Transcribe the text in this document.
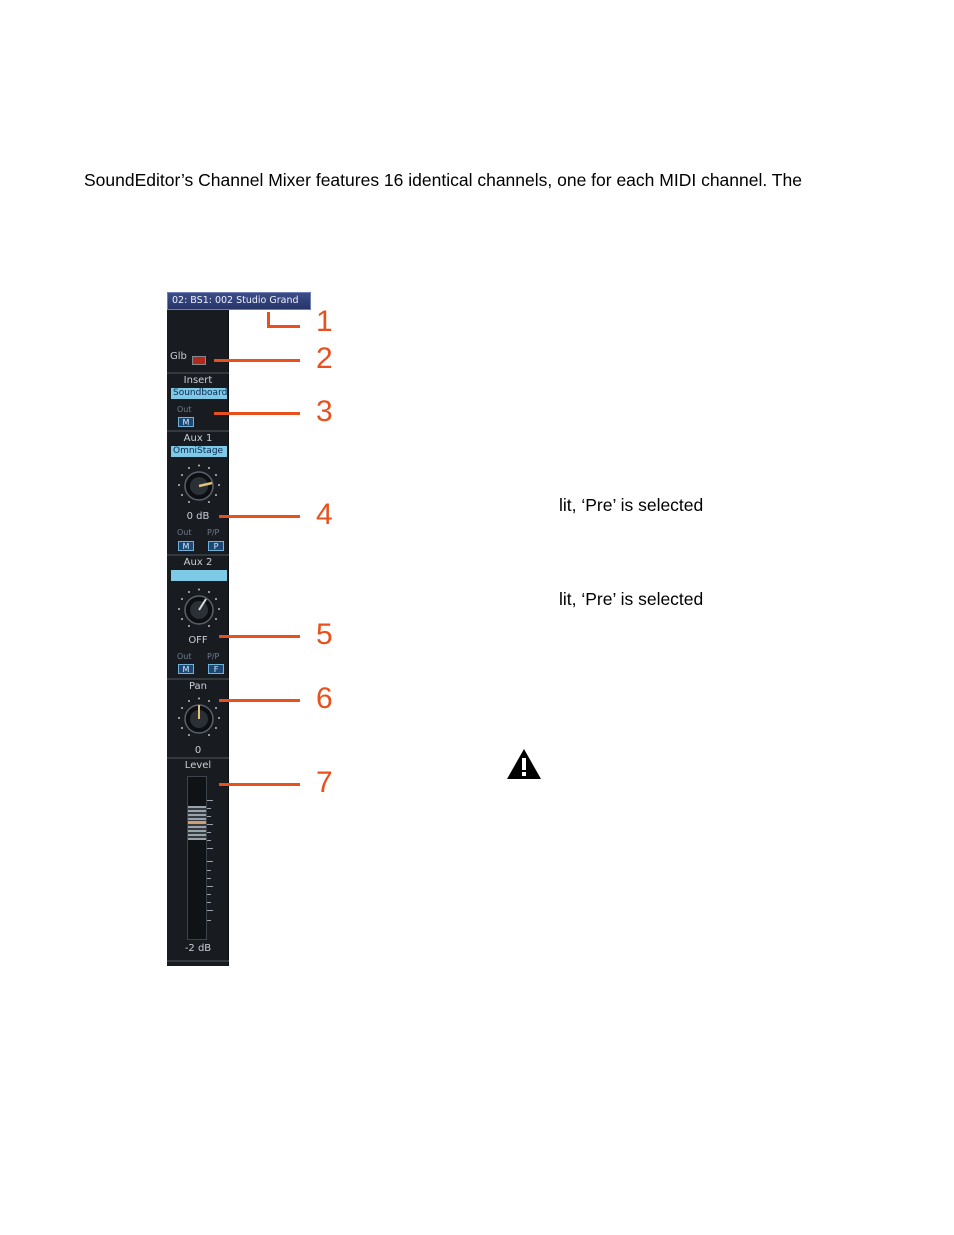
SoundEditor’s Channel Mixer features 16 identical channels, one for each MIDI channel. The
lit, ‘Pre’ is selected
lit, ‘Pre’ is selected
02: BS1: 002 Studio Grand
Glb
Insert
Soundboard
Out
M
Aux 1
OmniStage
0 dB
Out P/P
M	P
Aux 2
OFF
Out P/P
M	F
Pan
0
Level
-2 dB
1
2
3
4
5
6
7
